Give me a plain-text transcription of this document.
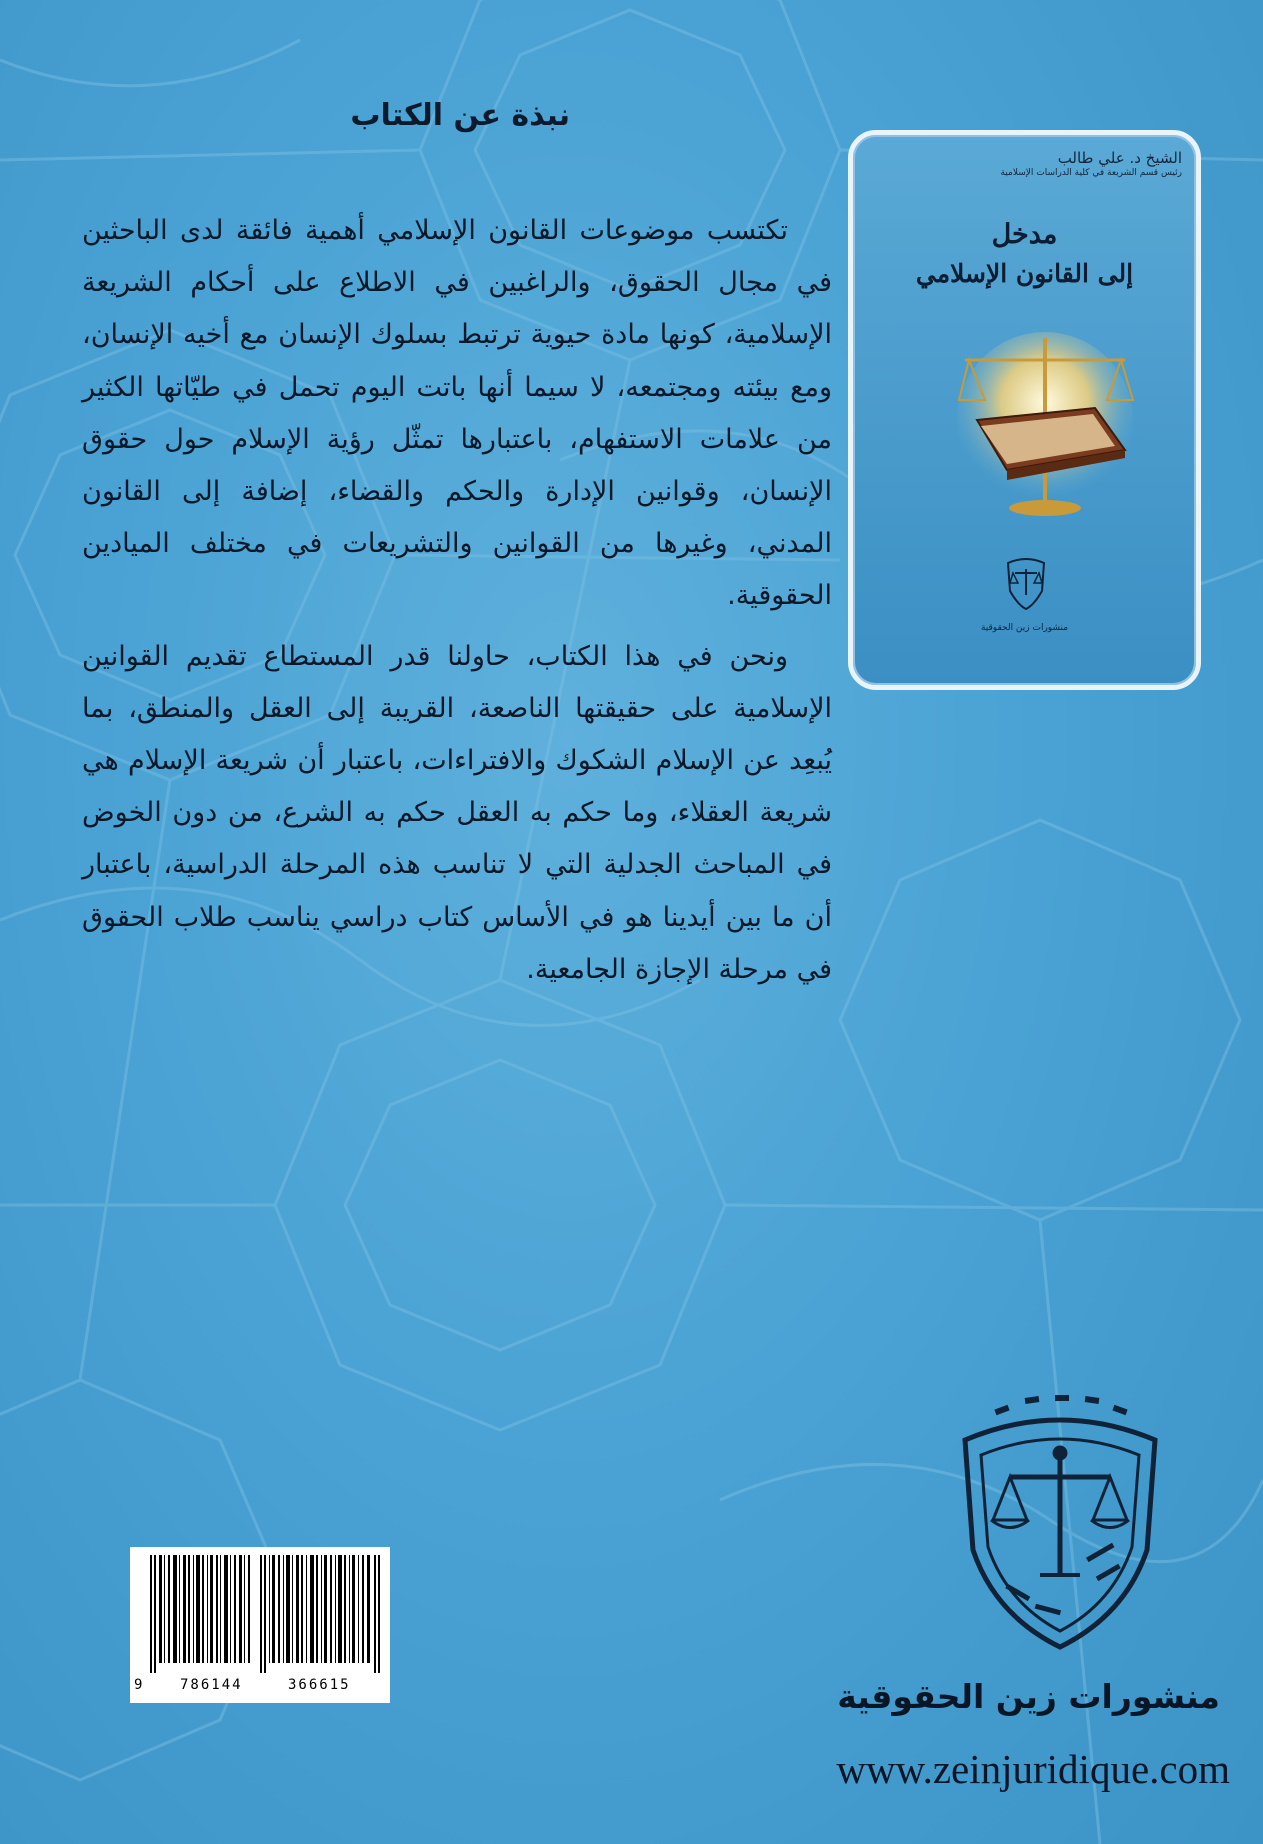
الشيخ د. علي طالب
رئيس قسم الشريعة في كلية الدراسات الإسلامية
مدخل
إلى القانون الإسلامي
منشورات زين الحقوقية
نبذة عن الكتاب

تكتسب موضوعات القانون الإسلامي أهمية فائقة لدى الباحثين في مجال الحقوق، والراغبين في الاطلاع على أحكام الشريعة الإسلامية، كونها مادة حيوية ترتبط بسلوك الإنسان مع أخيه الإنسان، ومع بيئته ومجتمعه، لا سيما أنها باتت اليوم تحمل في طيّاتها الكثير من علامات الاستفهام، باعتبارها تمثّل رؤية الإسلام حول حقوق الإنسان، وقوانين الإدارة والحكم والقضاء، إضافة إلى القانون المدني، وغيرها من القوانين والتشريعات في مختلف الميادين الحقوقية.

ونحن في هذا الكتاب، حاولنا قدر المستطاع تقديم القوانين الإسلامية على حقيقتها الناصعة، القريبة إلى العقل والمنطق، بما يُبعِد عن الإسلام الشكوك والافتراءات، باعتبار أن شريعة الإسلام هي شريعة العقلاء، وما حكم به العقل حكم به الشرع، من دون الخوض في المباحث الجدلية التي لا تناسب هذه المرحلة الدراسية، باعتبار أن ما بين أيدينا هو في الأساس كتاب دراسي يناسب طلاب الحقوق في مرحلة الإجازة الجامعية.

9	786144	366615	منشورات زين الحقوقية
www.zeinjuridique.com
